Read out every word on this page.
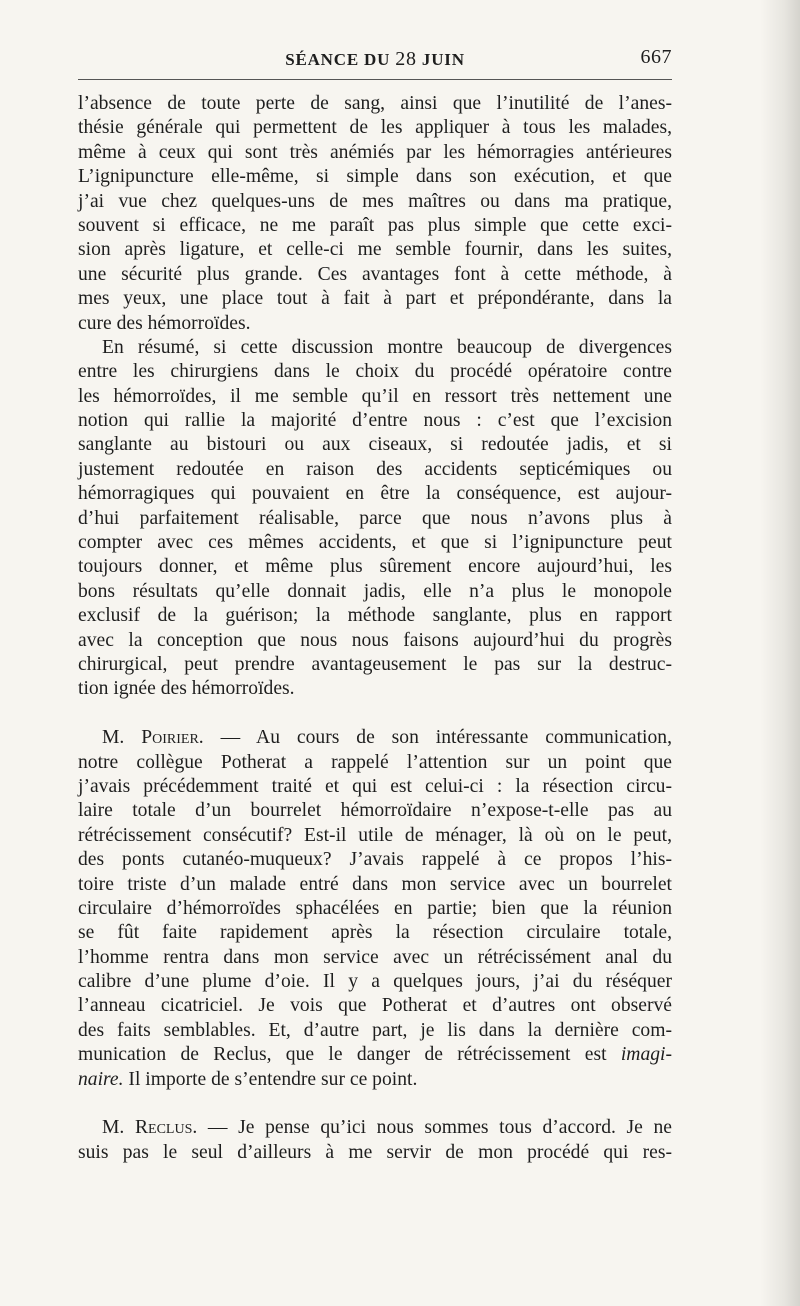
SÉANCE DU 28 JUIN	667
l’absence de toute perte de sang, ainsi que l’inutilité de l’anes-
thésie générale qui permettent de les appliquer à tous les malades,
même à ceux qui sont très anémiés par les hémorragies antérieures
L’ignipuncture elle-même, si simple dans son exécution, et que
j’ai vue chez quelques-uns de mes maîtres ou dans ma pratique,
souvent si efficace, ne me paraît pas plus simple que cette exci-
sion après ligature, et celle-ci me semble fournir, dans les suites,
une sécurité plus grande. Ces avantages font à cette méthode, à
mes yeux, une place tout à fait à part et prépondérante, dans la
cure des hémorroïdes.
En résumé, si cette discussion montre beaucoup de divergences
entre les chirurgiens dans le choix du procédé opératoire contre
les hémorroïdes, il me semble qu’il en ressort très nettement une
notion qui rallie la majorité d’entre nous : c’est que l’excision
sanglante au bistouri ou aux ciseaux, si redoutée jadis, et si
justement redoutée en raison des accidents septicémiques ou
hémorragiques qui pouvaient en être la conséquence, est aujour-
d’hui parfaitement réalisable, parce que nous n’avons plus à
compter avec ces mêmes accidents, et que si l’ignipuncture peut
toujours donner, et même plus sûrement encore aujourd’hui, les
bons résultats qu’elle donnait jadis, elle n’a plus le monopole
exclusif de la guérison; la méthode sanglante, plus en rapport
avec la conception que nous nous faisons aujourd’hui du progrès
chirurgical, peut prendre avantageusement le pas sur la destruc-
tion ignée des hémorroïdes.
M. Poirier. — Au cours de son intéressante communication,
notre collègue Potherat a rappelé l’attention sur un point que
j’avais précédemment traité et qui est celui-ci : la résection circu-
laire totale d’un bourrelet hémorroïdaire n’expose-t-elle pas au
rétrécissement consécutif? Est-il utile de ménager, là où on le peut,
des ponts cutanéo-muqueux? J’avais rappelé à ce propos l’his-
toire triste d’un malade entré dans mon service avec un bourrelet
circulaire d’hémorroïdes sphacélées en partie; bien que la réunion
se fût faite rapidement après la résection circulaire totale,
l’homme rentra dans mon service avec un rétrécissément anal du
calibre d’une plume d’oie. Il y a quelques jours, j’ai du réséquer
l’anneau cicatriciel. Je vois que Potherat et d’autres ont observé
des faits semblables. Et, d’autre part, je lis dans la dernière com-
munication de Reclus, que le danger de rétrécissement est imagi-
naire. Il importe de s’entendre sur ce point.
M. Reclus. — Je pense qu’ici nous sommes tous d’accord. Je ne
suis pas le seul d’ailleurs à me servir de mon procédé qui res-
